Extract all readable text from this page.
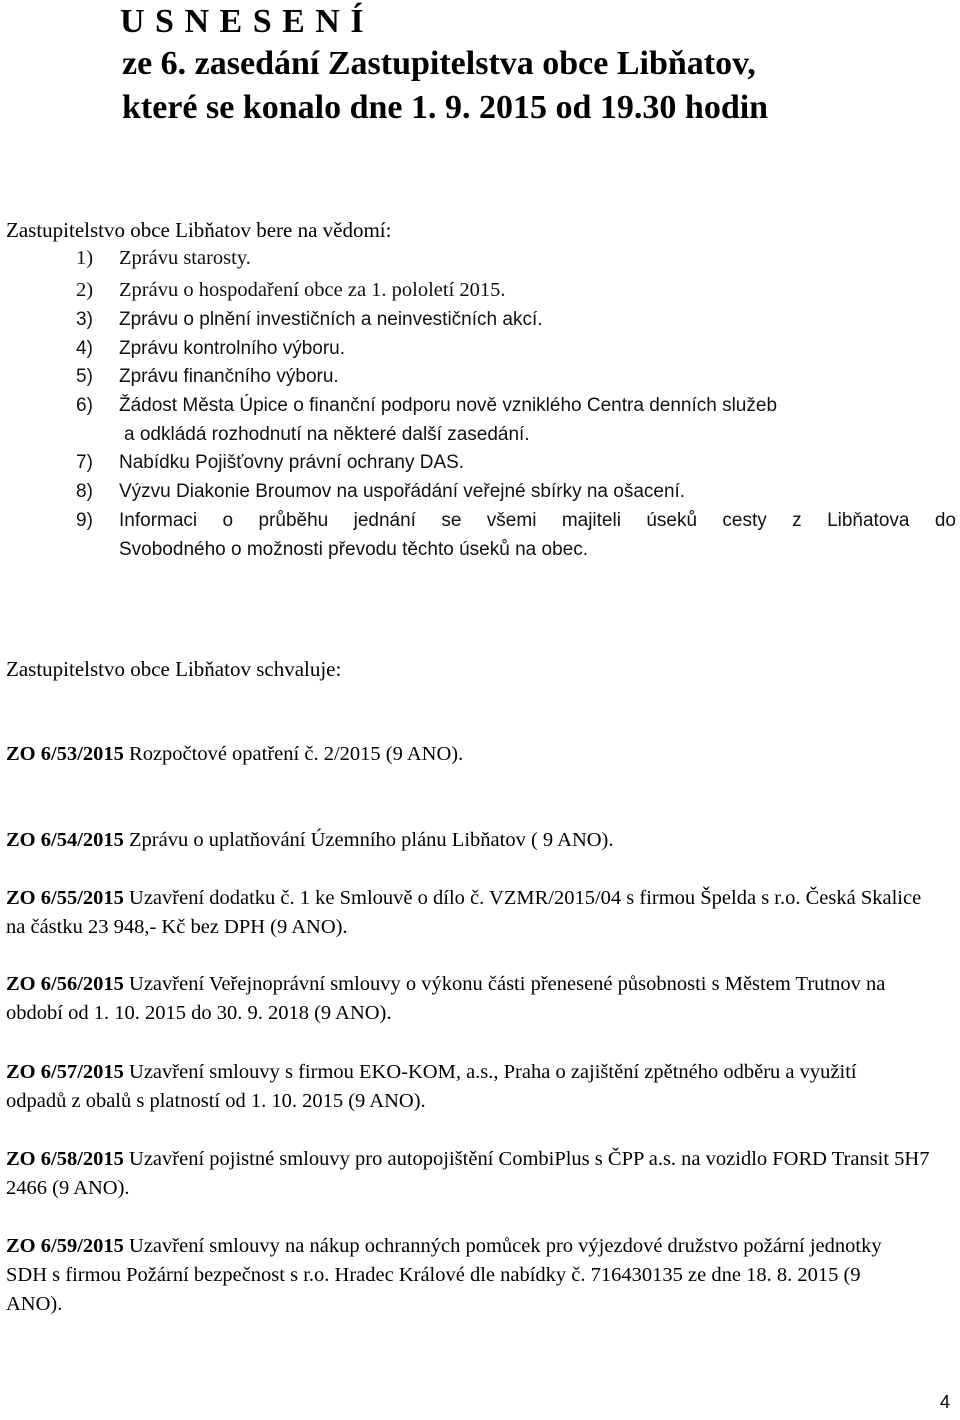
U S N E S E N Í
ze 6. zasedání Zastupitelstva obce Libňatov,
které se konalo dne 1. 9. 2015 od 19.30 hodin
Zastupitelstvo obce Libňatov bere na vědomí:
1) Zprávu starosty.
2) Zprávu o hospodaření obce za 1. pololetí 2015.
3) Zprávu o plnění investičních a neinvestičních akcí.
4) Zprávu kontrolního výboru.
5) Zprávu finančního výboru.
6) Žádost Města Úpice o finanční podporu nově vzniklého Centra denních služeb
a odkládá rozhodnutí na některé další zasedání.
7) Nabídku Pojišťovny právní ochrany DAS.
8) Výzvu Diakonie Broumov na uspořádání veřejné sbírky na ošacení.
9)	Informaci o průběhu jednání se všemi majiteli úseků cesty z Libňatova do
Svobodného o možnosti převodu těchto úseků na obec.
Zastupitelstvo obce Libňatov schvaluje:
ZO 6/53/2015 Rozpočtové opatření č. 2/2015 (9 ANO).
ZO 6/54/2015 Zprávu o uplatňování Územního plánu Libňatov ( 9 ANO).
ZO 6/55/2015 Uzavření dodatku č. 1 ke Smlouvě o dílo č. VZMR/2015/04 s firmou Špelda s r.o. Česká Skalice na částku 23 948,- Kč bez DPH (9 ANO).
ZO 6/56/2015 Uzavření Veřejnoprávní smlouvy o výkonu části přenesené působnosti s Městem Trutnov na období od 1. 10. 2015 do 30. 9. 2018 (9 ANO).
ZO 6/57/2015 Uzavření smlouvy s firmou EKO-KOM, a.s., Praha o zajištění zpětného odběru a využití odpadů z obalů s platností od 1. 10. 2015 (9 ANO).
ZO 6/58/2015 Uzavření pojistné smlouvy pro autopojištění CombiPlus s ČPP a.s. na vozidlo FORD Transit 5H7 2466 (9 ANO).
ZO 6/59/2015 Uzavření smlouvy na nákup ochranných pomůcek pro výjezdové družstvo požární jednotky SDH s firmou Požární bezpečnost s r.o. Hradec Králové dle nabídky č. 716430135 ze dne 18. 8. 2015 (9 ANO).
4
